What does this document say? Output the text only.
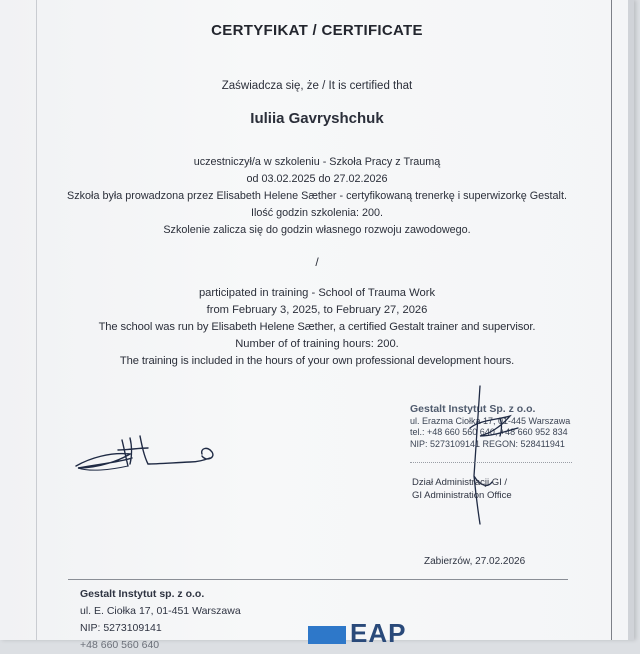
CERTYFIKAT / CERTIFICATE
Zaświadcza się, że / It is certified that
Iuliia Gavryshchuk
uczestniczył/a w szkoleniu - Szkoła Pracy z Traumą
od 03.02.2025 do 27.02.2026
Szkoła była prowadzona przez Elisabeth Helene Sæther - certyfikowaną trenerkę i superwizorkę Gestalt.
Ilość godzin szkolenia: 200.
Szkolenie zalicza się do godzin własnego rozwoju zawodowego.
/
participated in training - School of Trauma Work
from February 3, 2025, to February 27, 2026
The school was run by Elisabeth Helene Sæther, a certified Gestalt trainer and supervisor.
Number of of training hours: 200.
The training is included in the hours of your own professional development hours.
Gestalt Instytut Sp. z o.o.
ul. Erazma Ciołka 17, 01-445 Warszawa
tel.: +48 660 560 640, +48 660 952 834
NIP: 5273109141 REGON: 528411941
Dział Administracji GI /
GI Administration Office
Zabierzów, 27.02.2026
Gestalt Instytut sp. z o.o.
ul. E. Ciołka 17, 01-451 Warszawa
NIP: 5273109141
+48 660 560 640	EAP
